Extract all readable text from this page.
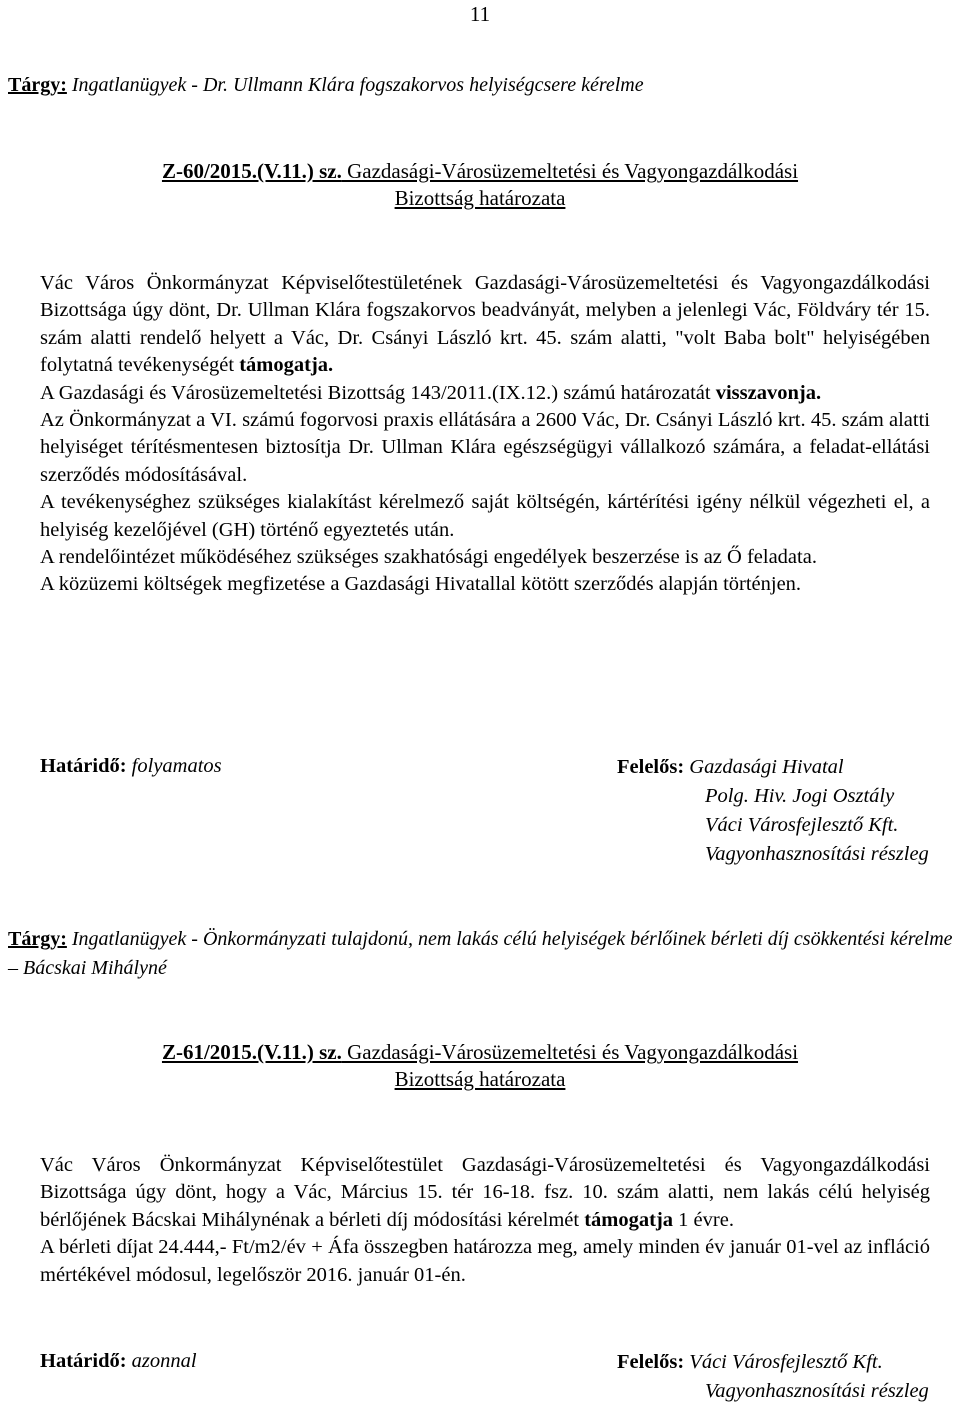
11
Tárgy: Ingatlanügyek - Dr. Ullmann Klára fogszakorvos helyiségcsere kérelme
Z-60/2015.(V.11.) sz. Gazdasági-Városüzemeltetési és Vagyongazdálkodási
Bizottság határozata

Vác Város Önkormányzat Képviselőtestületének Gazdasági-Városüzemeltetési és Vagyongazdálkodási Bizottsága úgy dönt, Dr. Ullman Klára fogszakorvos beadványát, melyben a jelenlegi Vác, Földváry tér 15. szám alatti rendelő helyett a Vác, Dr. Csányi László krt. 45. szám alatti, "volt Baba bolt" helyiségében folytatná tevékenységét támogatja.

A Gazdasági és Városüzemeltetési Bizottság 143/2011.(IX.12.) számú határozatát visszavonja.

Az Önkormányzat a VI. számú fogorvosi praxis ellátására a 2600 Vác, Dr. Csányi László krt. 45. szám alatti helyiséget térítésmentesen biztosítja Dr. Ullman Klára egészségügyi vállalkozó számára, a feladat-ellátási szerződés módosításával.

A tevékenységhez szükséges kialakítást kérelmező saját költségén, kártérítési igény nélkül végezheti el, a helyiség kezelőjével (GH) történő egyeztetés után.

A rendelőintézet működéséhez szükséges szakhatósági engedélyek beszerzése is az Ő feladata.

A közüzemi költségek megfizetése a Gazdasági Hivatallal kötött szerződés alapján történjen.

Határidő: folyamatos	Felelős: Gazdasági Hivatal
Polg. Hiv. Jogi Osztály
Váci Városfejlesztő Kft.
Vagyonhasznosítási részleg
Tárgy: Ingatlanügyek - Önkormányzati tulajdonú, nem lakás célú helyiségek bérlőinek bérleti díj csökkentési kérelme – Bácskai Mihályné
Z-61/2015.(V.11.) sz. Gazdasági-Városüzemeltetési és Vagyongazdálkodási
Bizottság határozata

Vác Város Önkormányzat Képviselőtestület Gazdasági-Városüzemeltetési és Vagyongazdálkodási Bizottsága úgy dönt, hogy a Vác, Március 15. tér 16-18. fsz. 10. szám alatti, nem lakás célú helyiség bérlőjének Bácskai Mihálynénak a bérleti díj módosítási kérelmét támogatja 1 évre.

A bérleti díjat 24.444,- Ft/m2/év + Áfa összegben határozza meg, amely minden év január 01-vel az infláció mértékével módosul, legelőször 2016. január 01-én.

Határidő: azonnal	Felelős: Váci Városfejlesztő Kft.
Vagyonhasznosítási részleg
